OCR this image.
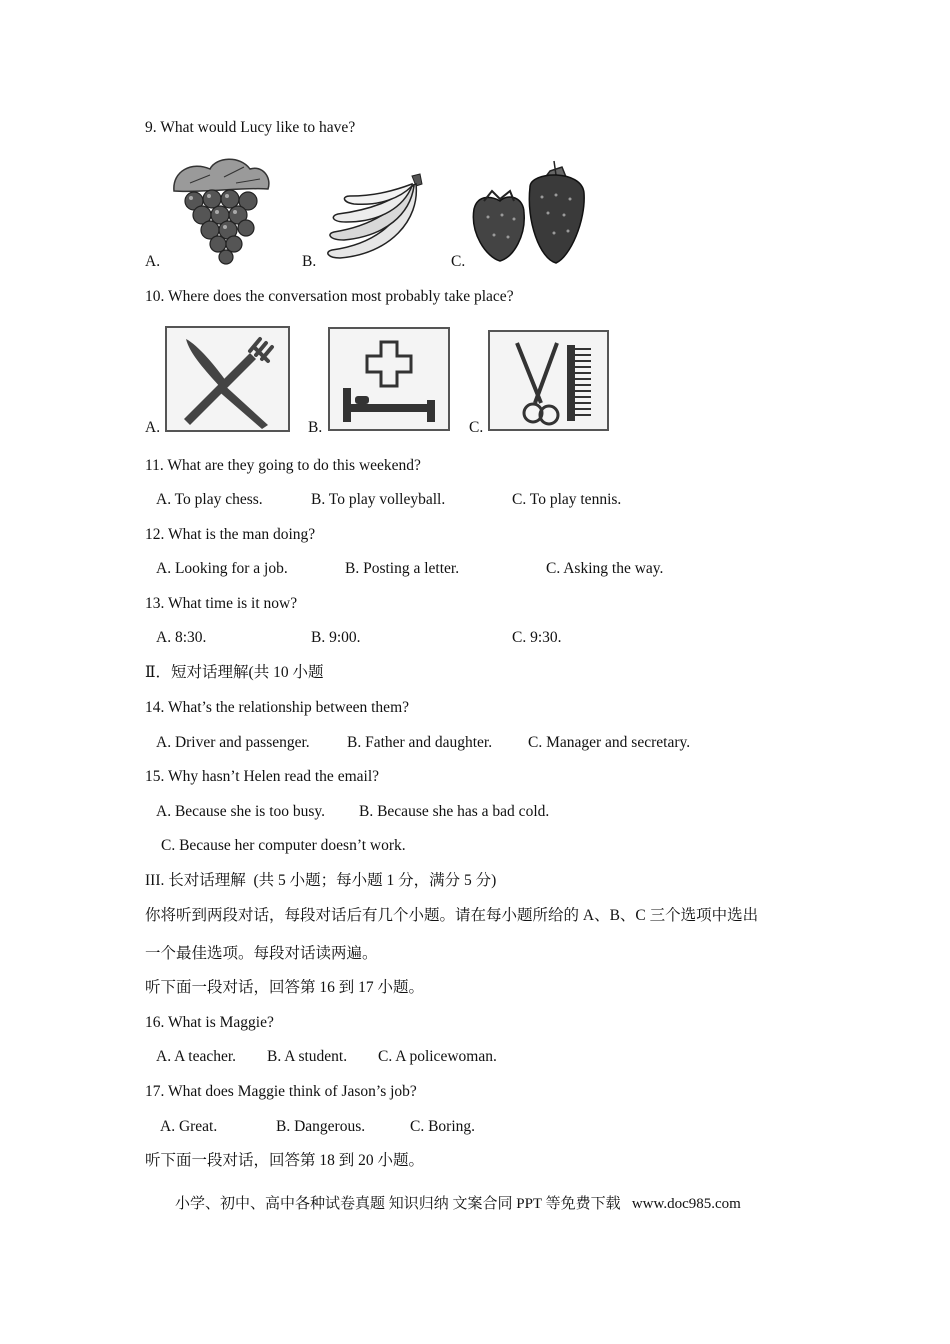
9. What would Lucy like to have?
A.	B.	C.
10. Where does the conversation most probably take place?
A.	B.	C.
11. What are they going to do this weekend?
A. To play chess.	B. To play volleyball.	C. To play tennis.
12. What is the man doing?
A. Looking for a job.	B. Posting a letter.	C. Asking the way.
13. What time is it now?
A. 8:30.	B. 9:00.	C. 9:30.
Ⅱ．短对话理解(共 10 小题
14. What’s the relationship between them?
A. Driver and passenger. B. Father and daughter. C. Manager and secretary.
15. Why hasn’t Helen read the email?
A. Because she is too busy. B. Because she has a bad cold.
C. Because her computer doesn’t work.
III. 长对话理解  (共 5 小题；每小题 1 分，满分 5 分)
你将听到两段对话，每段对话后有几个小题。请在每小题所给的 A、B、C 三个选项中选出
一个最佳选项。每段对话读两遍。
听下面一段对话，回答第 16 到 17 小题。
16. What is Maggie?
A. A teacher. B. A student. C. A policewoman.
17. What does Maggie think of Jason’s job?
A. Great.	B. Dangerous.	C. Boring.
听下面一段对话，回答第 18 到 20 小题。
小学、初中、高中各种试卷真题 知识归纳 文案合同 PPT 等免费下载   www.doc985.com
